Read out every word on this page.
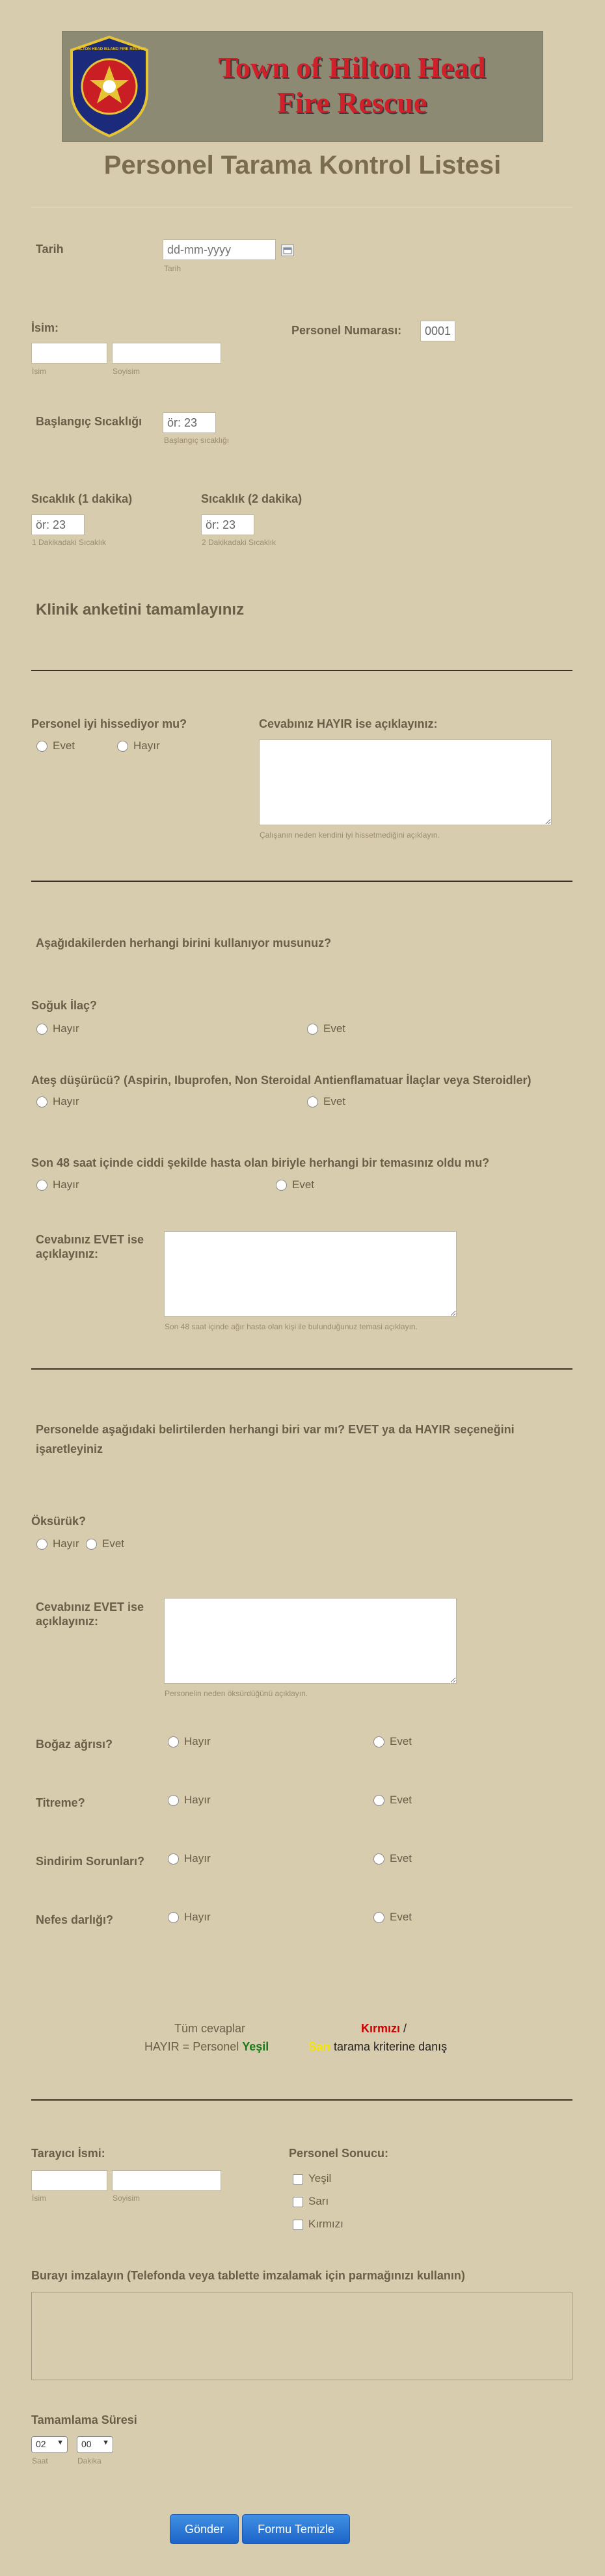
HILTON HEAD ISLAND FIRE RESCUE
Town of Hilton Head
Fire Rescue
Personel Tarama Kontrol Listesi
Tarih
dd-mm-yyyy
Tarih
İsim:
İsim	Soyisim
Personel Numarası:
0001
Başlangıç Sıcaklığı
ör: 23
Başlangıç sıcaklığı
Sıcaklık (1 dakika)
ör: 23
1 Dakikadaki Sıcaklık
Sıcaklık (2 dakika)
ör: 23
2 Dakikadaki Sıcaklık
Klinik anketini tamamlayınız
Personel iyi hissediyor mu?
Evet	Hayır
Cevabınız HAYIR ise açıklayınız:
Çalışanın neden kendini iyi hissetmediğini açıklayın.
Aşağıdakilerden herhangi birini kullanıyor musunuz?
Soğuk İlaç?
Hayır	Evet
Ateş düşürücü? (Aspirin, Ibuprofen, Non Steroidal Antienflamatuar İlaçlar veya Steroidler)
Hayır	Evet
Son 48 saat içinde ciddi şekilde hasta olan biriyle herhangi bir temasınız oldu mu?
Hayır	Evet
Cevabınız EVET ise açıklayınız:
Son 48 saat içinde ağır hasta olan kişi ile bulunduğunuz temasi açıklayın.
Personelde aşağıdaki belirtilerden herhangi biri var mı? EVET ya da HAYIR seçeneğini işaretleyiniz
Öksürük?
Hayır	Evet
Cevabınız EVET ise açıklayınız:
Personelin neden öksürdüğünü açıklayın.
Boğaz ağrısı?	Hayır	Evet
Titreme?	Hayır	Evet
Sindirim Sorunları?	Hayır	Evet
Nefes darlığı?	Hayır	Evet
Tüm cevaplar	Kırmızı /
HAYIR = Personel Yeşil	Sarı tarama kriterine danış
Tarayıcı İsmi:
İsim	Soyisim
Personel Sonucu:
Yeşil
Sarı
Kırmızı
Burayı imzalayın (Telefonda veya tablette imzalamak için parmağınızı kullanın)
Tamamlama Süresi
02 ▼	00 ▼
Saat	Dakika
Gönder	Formu Temizle
